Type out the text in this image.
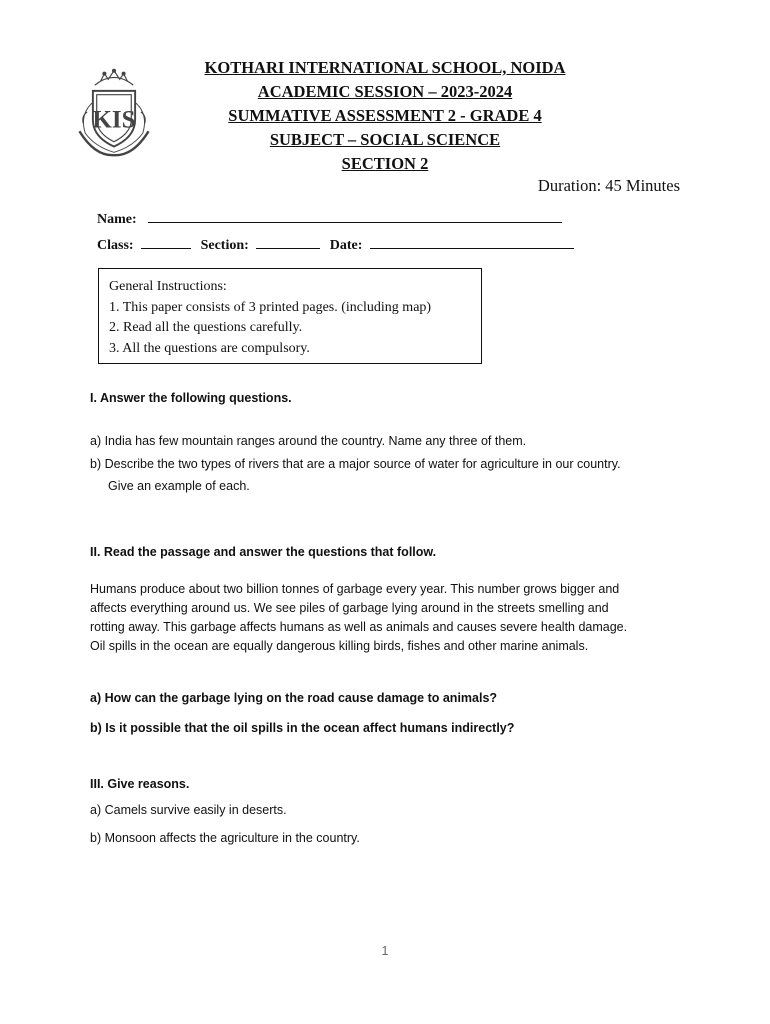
KIS
KOTHARI INTERNATIONAL SCHOOL, NOIDA
ACADEMIC SESSION – 2023-2024
SUMMATIVE ASSESSMENT 2 - GRADE 4
SUBJECT – SOCIAL SCIENCE
SECTION 2
Duration: 45 Minutes
Name:
Class:	Section:	Date:
General Instructions:
1. This paper consists of 3 printed pages. (including map)
2. Read all the questions carefully.
3. All the questions are compulsory.
I. Answer the following questions.
a) India has few mountain ranges around the country. Name any three of them.
b) Describe the two types of rivers that are a major source of water for agriculture in our country.
Give an example of each.
II. Read the passage and answer the questions that follow.
Humans produce about two billion tonnes of garbage every year. This number grows bigger and
affects everything around us. We see piles of garbage lying around in the streets smelling and
rotting away. This garbage affects humans as well as animals and causes severe health damage.
Oil spills in the ocean are equally dangerous killing birds, fishes and other marine animals.
a) How can the garbage lying on the road cause damage to animals?
b) Is it possible that the oil spills in the ocean affect humans indirectly?
III. Give reasons.
a) Camels survive easily in deserts.
b) Monsoon affects the agriculture in the country.
1
